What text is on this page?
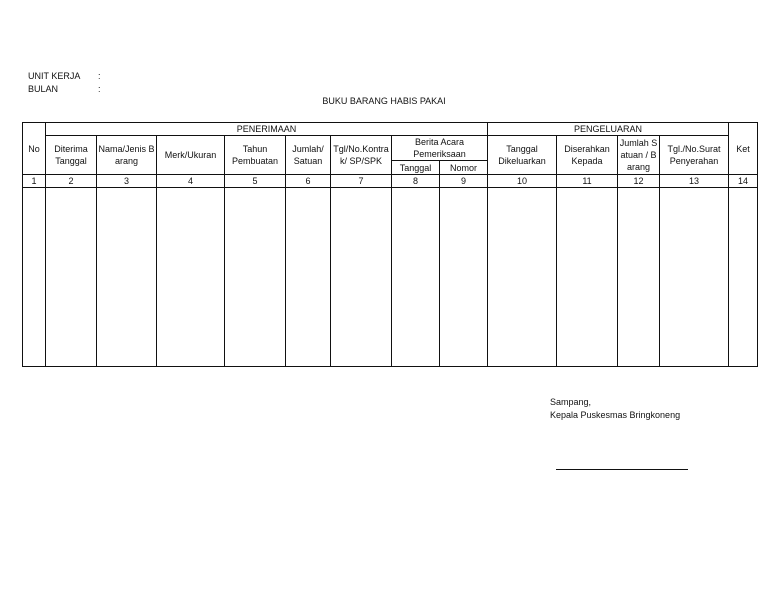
UNIT KERJA :
BULAN	:
BUKU BARANG HABIS PAKAI
No	PENERIMAAN								PENGELUARAN				Ket
	Diterima Tanggal	Nama/Jenis Barang	Merk/Ukuran	Tahun Pembuatan	Jumlah/ Satuan	Tgl/No.Kontrak/ SP/SPK	Berita Acara Pemeriksaan		Tanggal Dikeluarkan	Diserahkan Kepada	Jumlah Satuan / Barang	Tgl./No.Surat Penyerahan	
							Tanggal	Nomor					
1	2	3	4	5	6	7	8	9	10	11	12	13	14

Sampang,
Kepala Puskesmas Bringkoneng
